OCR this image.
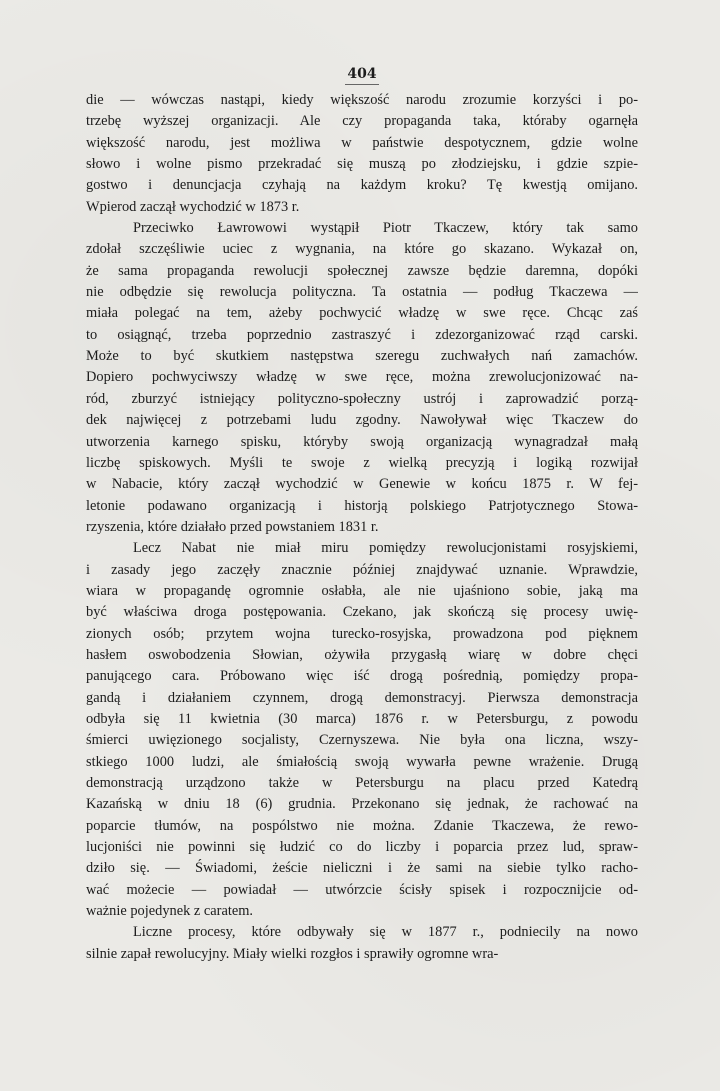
404

die — wówczas nastąpi, kiedy większość narodu zrozumie korzyści i po-
trzebę wyższej organizacji. Ale czy propaganda taka, któraby ogarnęła
większość narodu, jest możliwa w państwie despotycznem, gdzie wolne
słowo i wolne pismo przekradać się muszą po złodziejsku, i gdzie szpie-
gostwo i denuncjacja czyhają na każdym kroku? Tę kwestją omijano.
Wpierod zaczął wychodzić w 1873 r.
Przeciwko Ławrowowi wystąpił Piotr Tkaczew, który tak samo
zdołał szczęśliwie uciec z wygnania, na które go skazano. Wykazał on,
że sama propaganda rewolucji społecznej zawsze będzie daremna, dopóki
nie odbędzie się rewolucja polityczna. Ta ostatnia — podług Tkaczewa —
miała polegać na tem, ażeby pochwycić władzę w swe ręce. Chcąc zaś
to osiągnąć, trzeba poprzednio zastraszyć i zdezorganizować rząd carski.
Może to być skutkiem następstwa szeregu zuchwałych nań zamachów.
Dopiero pochwyciwszy władzę w swe ręce, można zrewolucjonizować na-
ród, zburzyć istniejący polityczno-społeczny ustrój i zaprowadzić porzą-
dek najwięcej z potrzebami ludu zgodny. Nawoływał więc Tkaczew do
utworzenia karnego spisku, któryby swoją organizacją wynagradzał małą
liczbę spiskowych. Myśli te swoje z wielką precyzją i logiką rozwijał
w Nabacie, który zaczął wychodzić w Genewie w końcu 1875 r. W fej-
letonie podawano organizacją i historją polskiego Patrjotycznego Stowa-
rzyszenia, które działało przed powstaniem 1831 r.
Lecz Nabat nie miał miru pomiędzy rewolucjonistami rosyjskiemi,
i zasady jego zaczęły znacznie później znajdywać uznanie. Wprawdzie,
wiara w propagandę ogromnie osłabła, ale nie ujaśniono sobie, jaką ma
być właściwa droga postępowania. Czekano, jak skończą się procesy uwię-
zionych osób; przytem wojna turecko-rosyjska, prowadzona pod pięknem
hasłem oswobodzenia Słowian, ożywiła przygasłą wiarę w dobre chęci
panującego cara. Próbowano więc iść drogą pośrednią, pomiędzy propa-
gandą i działaniem czynnem, drogą demonstracyj. Pierwsza demonstracja
odbyła się 11 kwietnia (30 marca) 1876 r. w Petersburgu, z powodu
śmierci uwięzionego socjalisty, Czernyszewa. Nie była ona liczna, wszy-
stkiego 1000 ludzi, ale śmiałością swoją wywarła pewne wrażenie. Drugą
demonstracją urządzono także w Petersburgu na placu przed Katedrą
Kazańską w dniu 18 (6) grudnia. Przekonano się jednak, że rachować na
poparcie tłumów, na pospólstwo nie można. Zdanie Tkaczewa, że rewo-
lucjoniści nie powinni się łudzić co do liczby i poparcia przez lud, spraw-
dziło się. — Świadomi, żeście nieliczni i że sami na siebie tylko racho-
wać możecie — powiadał — utwórzcie ścisły spisek i rozpocznijcie od-
ważnie pojedynek z caratem.
Liczne procesy, które odbywały się w 1877 r., podniecily na nowo
silnie zapał rewolucyjny. Miały wielki rozgłos i sprawiły ogromne wra-
